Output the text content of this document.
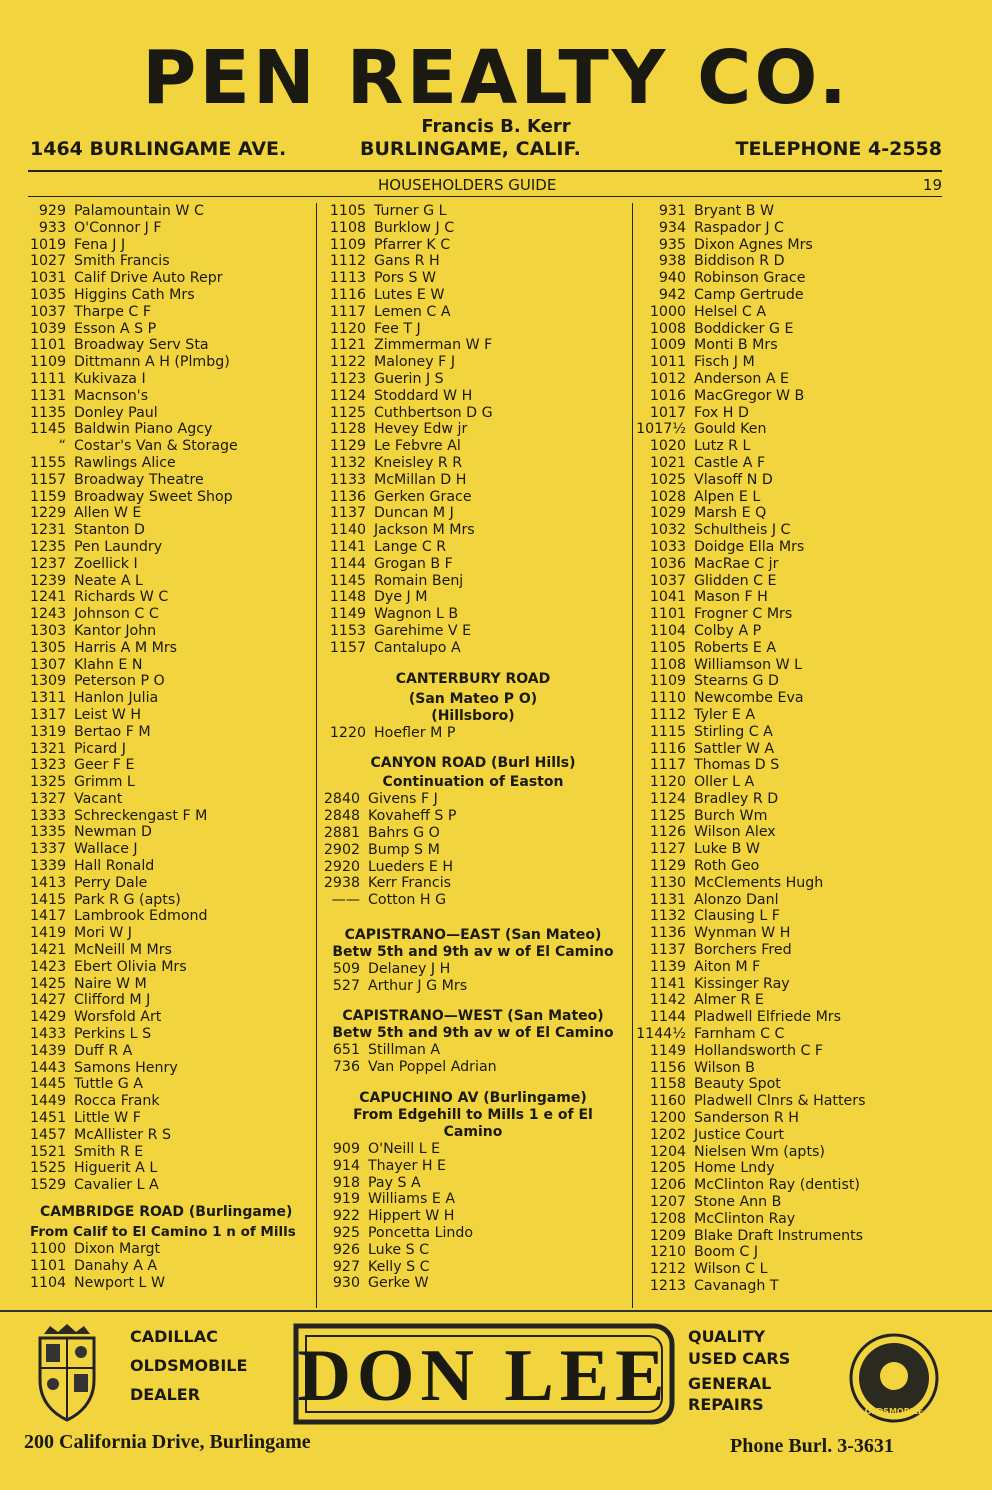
PEN REALTY CO.
Francis B. Kerr
1464 BURLINGAME AVE.	BURLINGAME, CALIF.	TELEPHONE 4-2558
HOUSEHOLDERS GUIDE	19
929 Palamountain W C
933 O'Connor J F
1019 Fena J J
1027 Smith Francis
1031 Calif Drive Auto Repr
1035 Higgins Cath Mrs
1037 Tharpe C F
1039 Esson A S P
1101 Broadway Serv Sta
1109 Dittmann A H (Plmbg)
1111 Kukivaza I
1131 Macnson's
1135 Donley Paul
1145 Baldwin Piano Agcy
“ Costar's Van & Storage
1155 Rawlings Alice
1157 Broadway Theatre
1159 Broadway Sweet Shop
1229 Allen W E
1231 Stanton D
1235 Pen Laundry
1237 Zoellick I
1239 Neate A L
1241 Richards W C
1243 Johnson C C
1303 Kantor John
1305 Harris A M Mrs
1307 Klahn E N
1309 Peterson P O
1311 Hanlon Julia
1317 Leist W H
1319 Bertao F M
1321 Picard J
1323 Geer F E
1325 Grimm L
1327 Vacant
1333 Schreckengast F M
1335 Newman D
1337 Wallace J
1339 Hall Ronald
1413 Perry Dale
1415 Park R G (apts)
1417 Lambrook Edmond
1419 Mori W J
1421 McNeill M Mrs
1423 Ebert Olivia Mrs
1425 Naire W M
1427 Clifford M J
1429 Worsfold Art
1433 Perkins L S
1439 Duff R A
1443 Samons Henry
1445 Tuttle G A
1449 Rocca Frank
1451 Little W F
1457 McAllister R S
1521 Smith R E
1525 Higuerit A L
1529 Cavalier L A
CAMBRIDGE ROAD (Burlingame)
From Calif to El Camino 1 n of Mills
1100 Dixon Margt
1101 Danahy A A
1104 Newport L W
1105 Turner G L
1108 Burklow J C
1109 Pfarrer K C
1112 Gans R H
1113 Pors S W
1116 Lutes E W
1117 Lemen C A
1120 Fee T J
1121 Zimmerman W F
1122 Maloney F J
1123 Guerin J S
1124 Stoddard W H
1125 Cuthbertson D G
1128 Hevey Edw jr
1129 Le Febvre Al
1132 Kneisley R R
1133 McMillan D H
1136 Gerken Grace
1137 Duncan M J
1140 Jackson M Mrs
1141 Lange C R
1144 Grogan B F
1145 Romain Benj
1148 Dye J M
1149 Wagnon L B
1153 Garehime V E
1157 Cantalupo A
CANTERBURY ROAD
(San Mateo P O)
(Hillsboro)
1220 Hoefler M P
CANYON ROAD (Burl Hills)
Continuation of Easton
2840 Givens F J
2848 Kovaheff S P
2881 Bahrs G O
2902 Bump S M
2920 Lueders E H
2938 Kerr Francis
—— Cotton H G
CAPISTRANO—EAST (San Mateo)
Betw 5th and 9th av w of El Camino
509 Delaney J H
527 Arthur J G Mrs
CAPISTRANO—WEST (San Mateo)
Betw 5th and 9th av w of El Camino
651 Stillman A
736 Van Poppel Adrian
CAPUCHINO AV (Burlingame)
From Edgehill to Mills 1 e of El Camino
909 O'Neill L E
914 Thayer H E
918 Pay S A
919 Williams E A
922 Hippert W H
925 Poncetta Lindo
926 Luke S C
927 Kelly S C
930 Gerke W
931 Bryant B W
934 Raspador J C
935 Dixon Agnes Mrs
938 Biddison R D
940 Robinson Grace
942 Camp Gertrude
1000 Helsel C A
1008 Boddicker G E
1009 Monti B Mrs
1011 Fisch J M
1012 Anderson A E
1016 MacGregor W B
1017 Fox H D
1017½ Gould Ken
1020 Lutz R L
1021 Castle A F
1025 Vlasoff N D
1028 Alpen E L
1029 Marsh E Q
1032 Schultheis J C
1033 Doidge Ella Mrs
1036 MacRae C jr
1037 Glidden C E
1041 Mason F H
1101 Frogner C Mrs
1104 Colby A P
1105 Roberts E A
1108 Williamson W L
1109 Stearns G D
1110 Newcombe Eva
1112 Tyler E A
1115 Stirling C A
1116 Sattler W A
1117 Thomas D S
1120 Oller L A
1124 Bradley R D
1125 Burch Wm
1126 Wilson Alex
1127 Luke B W
1129 Roth Geo
1130 McClements Hugh
1131 Alonzo Danl
1132 Clausing L F
1136 Wynman W H
1137 Borchers Fred
1139 Aiton M F
1141 Kissinger Ray
1142 Almer R E
1144 Pladwell Elfriede Mrs
1144½ Farnham C C
1149 Hollandsworth C F
1156 Wilson B
1158 Beauty Spot
1160 Pladwell Clnrs & Hatters
1200 Sanderson R H
1202 Justice Court
1204 Nielsen Wm (apts)
1205 Home Lndy
1206 McClinton Ray (dentist)
1207 Stone Ann B
1208 McClinton Ray
1209 Blake Draft Instruments
1210 Boom C J
1212 Wilson C L
1213 Cavanagh T
CADILLAC
OLDSMOBILE
DEALER DON LEE QUALITY
USED CARS
GENERAL
REPAIRS	OLDSMOBILE
200 California Drive, Burlingame	Phone Burl. 3-3631
